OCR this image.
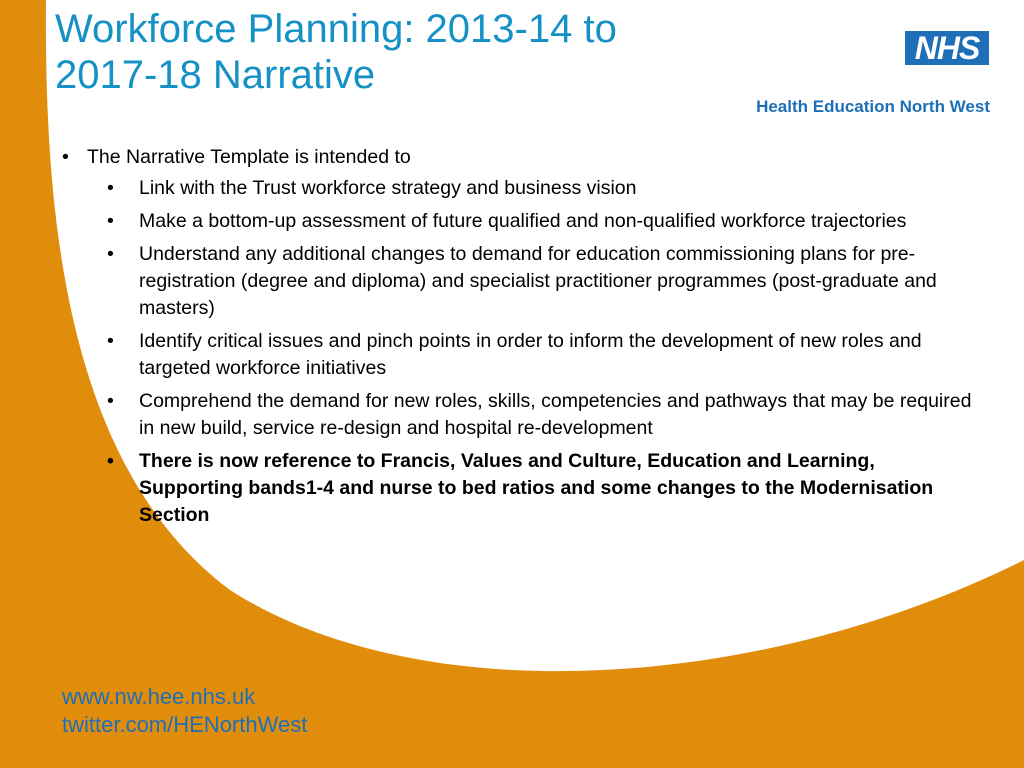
Workforce Planning: 2013-14 to
2017-18 Narrative
NHS
Health Education North West

• The Narrative Template is intended to

• Link with the Trust workforce strategy and business vision

• Make a bottom-up assessment of future qualified and non-qualified workforce trajectories

• Understand any additional changes to demand for education commissioning plans for pre-registration (degree and diploma) and specialist practitioner programmes (post-graduate and masters)

• Identify critical issues and pinch points in order to inform the development of new roles and targeted workforce initiatives

• Comprehend the demand for new roles, skills, competencies and pathways that may be required in new build, service re-design and hospital re-development

• There is now reference to Francis, Values and Culture, Education and Learning, Supporting bands1-4 and nurse to bed ratios and some changes to the Modernisation Section

www.nw.hee.nhs.uk
twitter.com/HENorthWest
